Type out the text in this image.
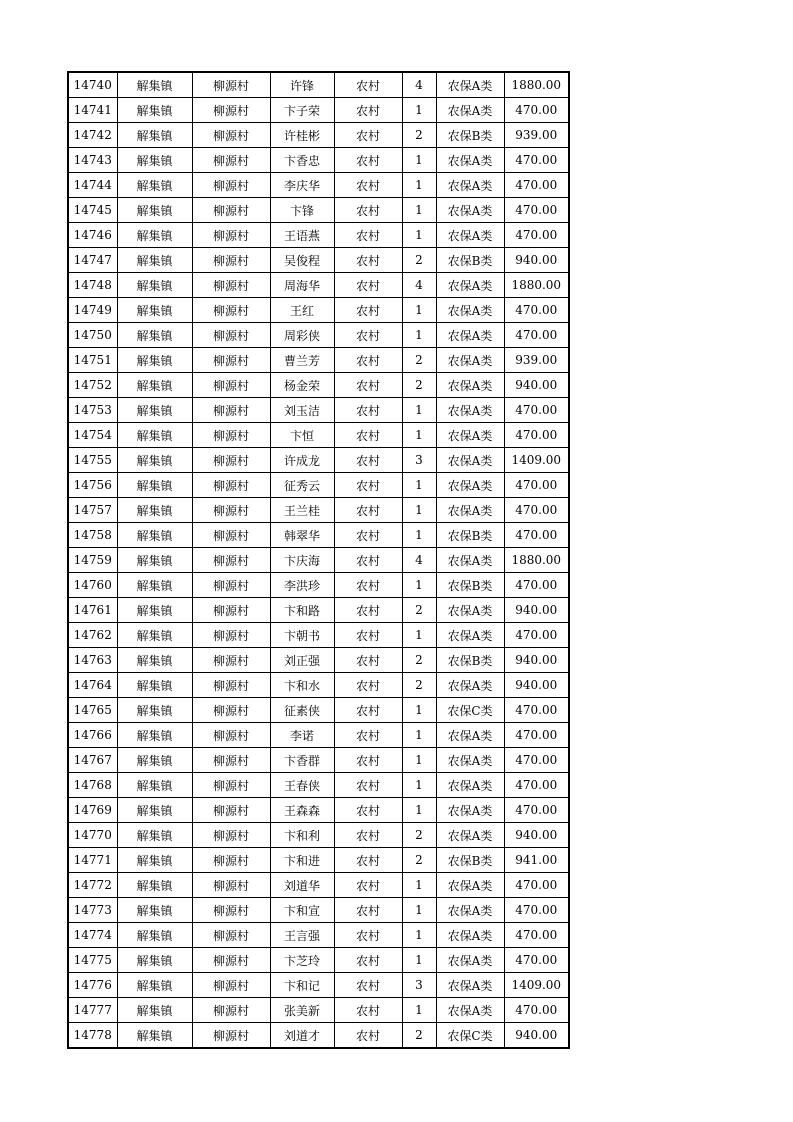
14740	解集镇	柳源村	许锋	农村	4	农保A类	1880.00
14741	解集镇	柳源村	卞子荣	农村	1	农保A类	470.00
14742	解集镇	柳源村	许桂彬	农村	2	农保B类	939.00
14743	解集镇	柳源村	卞香忠	农村	1	农保A类	470.00
14744	解集镇	柳源村	李庆华	农村	1	农保A类	470.00
14745	解集镇	柳源村	卞锋	农村	1	农保A类	470.00
14746	解集镇	柳源村	王语燕	农村	1	农保A类	470.00
14747	解集镇	柳源村	吴俊程	农村	2	农保B类	940.00
14748	解集镇	柳源村	周海华	农村	4	农保A类	1880.00
14749	解集镇	柳源村	王红	农村	1	农保A类	470.00
14750	解集镇	柳源村	周彩侠	农村	1	农保A类	470.00
14751	解集镇	柳源村	曹兰芳	农村	2	农保A类	939.00
14752	解集镇	柳源村	杨金荣	农村	2	农保A类	940.00
14753	解集镇	柳源村	刘玉洁	农村	1	农保A类	470.00
14754	解集镇	柳源村	卞恒	农村	1	农保A类	470.00
14755	解集镇	柳源村	许成龙	农村	3	农保A类	1409.00
14756	解集镇	柳源村	征秀云	农村	1	农保A类	470.00
14757	解集镇	柳源村	王兰桂	农村	1	农保A类	470.00
14758	解集镇	柳源村	韩翠华	农村	1	农保B类	470.00
14759	解集镇	柳源村	卞庆海	农村	4	农保A类	1880.00
14760	解集镇	柳源村	李洪珍	农村	1	农保B类	470.00
14761	解集镇	柳源村	卞和路	农村	2	农保A类	940.00
14762	解集镇	柳源村	卞朝书	农村	1	农保A类	470.00
14763	解集镇	柳源村	刘正强	农村	2	农保B类	940.00
14764	解集镇	柳源村	卞和水	农村	2	农保A类	940.00
14765	解集镇	柳源村	征素侠	农村	1	农保C类	470.00
14766	解集镇	柳源村	李诺	农村	1	农保A类	470.00
14767	解集镇	柳源村	卞香群	农村	1	农保A类	470.00
14768	解集镇	柳源村	王春侠	农村	1	农保A类	470.00
14769	解集镇	柳源村	王森森	农村	1	农保A类	470.00
14770	解集镇	柳源村	卞和利	农村	2	农保A类	940.00
14771	解集镇	柳源村	卞和进	农村	2	农保B类	941.00
14772	解集镇	柳源村	刘道华	农村	1	农保A类	470.00
14773	解集镇	柳源村	卞和宣	农村	1	农保A类	470.00
14774	解集镇	柳源村	王言强	农村	1	农保A类	470.00
14775	解集镇	柳源村	卞芝玲	农村	1	农保A类	470.00
14776	解集镇	柳源村	卞和记	农村	3	农保A类	1409.00
14777	解集镇	柳源村	张美新	农村	1	农保A类	470.00
14778	解集镇	柳源村	刘道才	农村	2	农保C类	940.00
